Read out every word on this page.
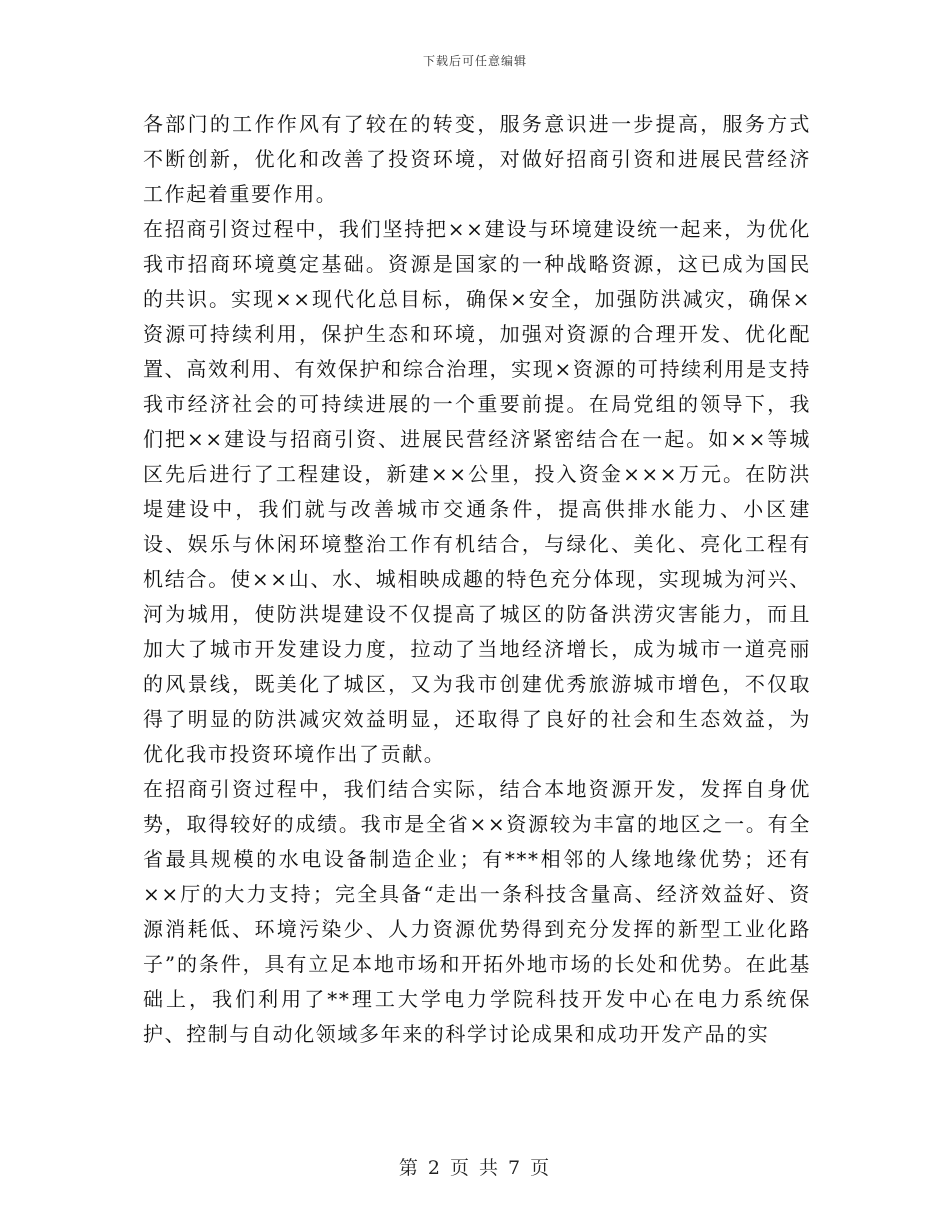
下载后可任意编辑

各部门的工作作风有了较在的转变，服务意识进一步提高，服务方式不断创新，优化和改善了投资环境，对做好招商引资和进展民营经济工作起着重要作用。

在招商引资过程中，我们坚持把××建设与环境建设统一起来，为优化我市招商环境奠定基础。资源是国家的一种战略资源，这已成为国民的共识。实现××现代化总目标，确保×安全，加强防洪减灾，确保×资源可持续利用，保护生态和环境，加强对资源的合理开发、优化配置、高效利用、有效保护和综合治理，实现×资源的可持续利用是支持我市经济社会的可持续进展的一个重要前提。在局党组的领导下，我们把××建设与招商引资、进展民营经济紧密结合在一起。如××等城区先后进行了工程建设，新建××公里，投入资金×××万元。在防洪堤建设中，我们就与改善城市交通条件，提高供排水能力、小区建设、娱乐与休闲环境整治工作有机结合，与绿化、美化、亮化工程有机结合。使××山、水、城相映成趣的特色充分体现，实现城为河兴、河为城用，使防洪堤建设不仅提高了城区的防备洪涝灾害能力，而且加大了城市开发建设力度，拉动了当地经济增长，成为城市一道亮丽的风景线，既美化了城区，又为我市创建优秀旅游城市增色，不仅取得了明显的防洪减灾效益明显，还取得了良好的社会和生态效益，为优化我市投资环境作出了贡献。

在招商引资过程中，我们结合实际，结合本地资源开发，发挥自身优势，取得较好的成绩。我市是全省××资源较为丰富的地区之一。有全省最具规模的水电设备制造企业；有***相邻的人缘地缘优势；还有××厅的大力支持；完全具备“走出一条科技含量高、经济效益好、资源消耗低、环境污染少、人力资源优势得到充分发挥的新型工业化路子”的条件，具有立足本地市场和开拓外地市场的长处和优势。在此基础上，我们利用了**理工大学电力学院科技开发中心在电力系统保护、控制与自动化领域多年来的科学讨论成果和成功开发产品的实

第 2 页 共 7 页
